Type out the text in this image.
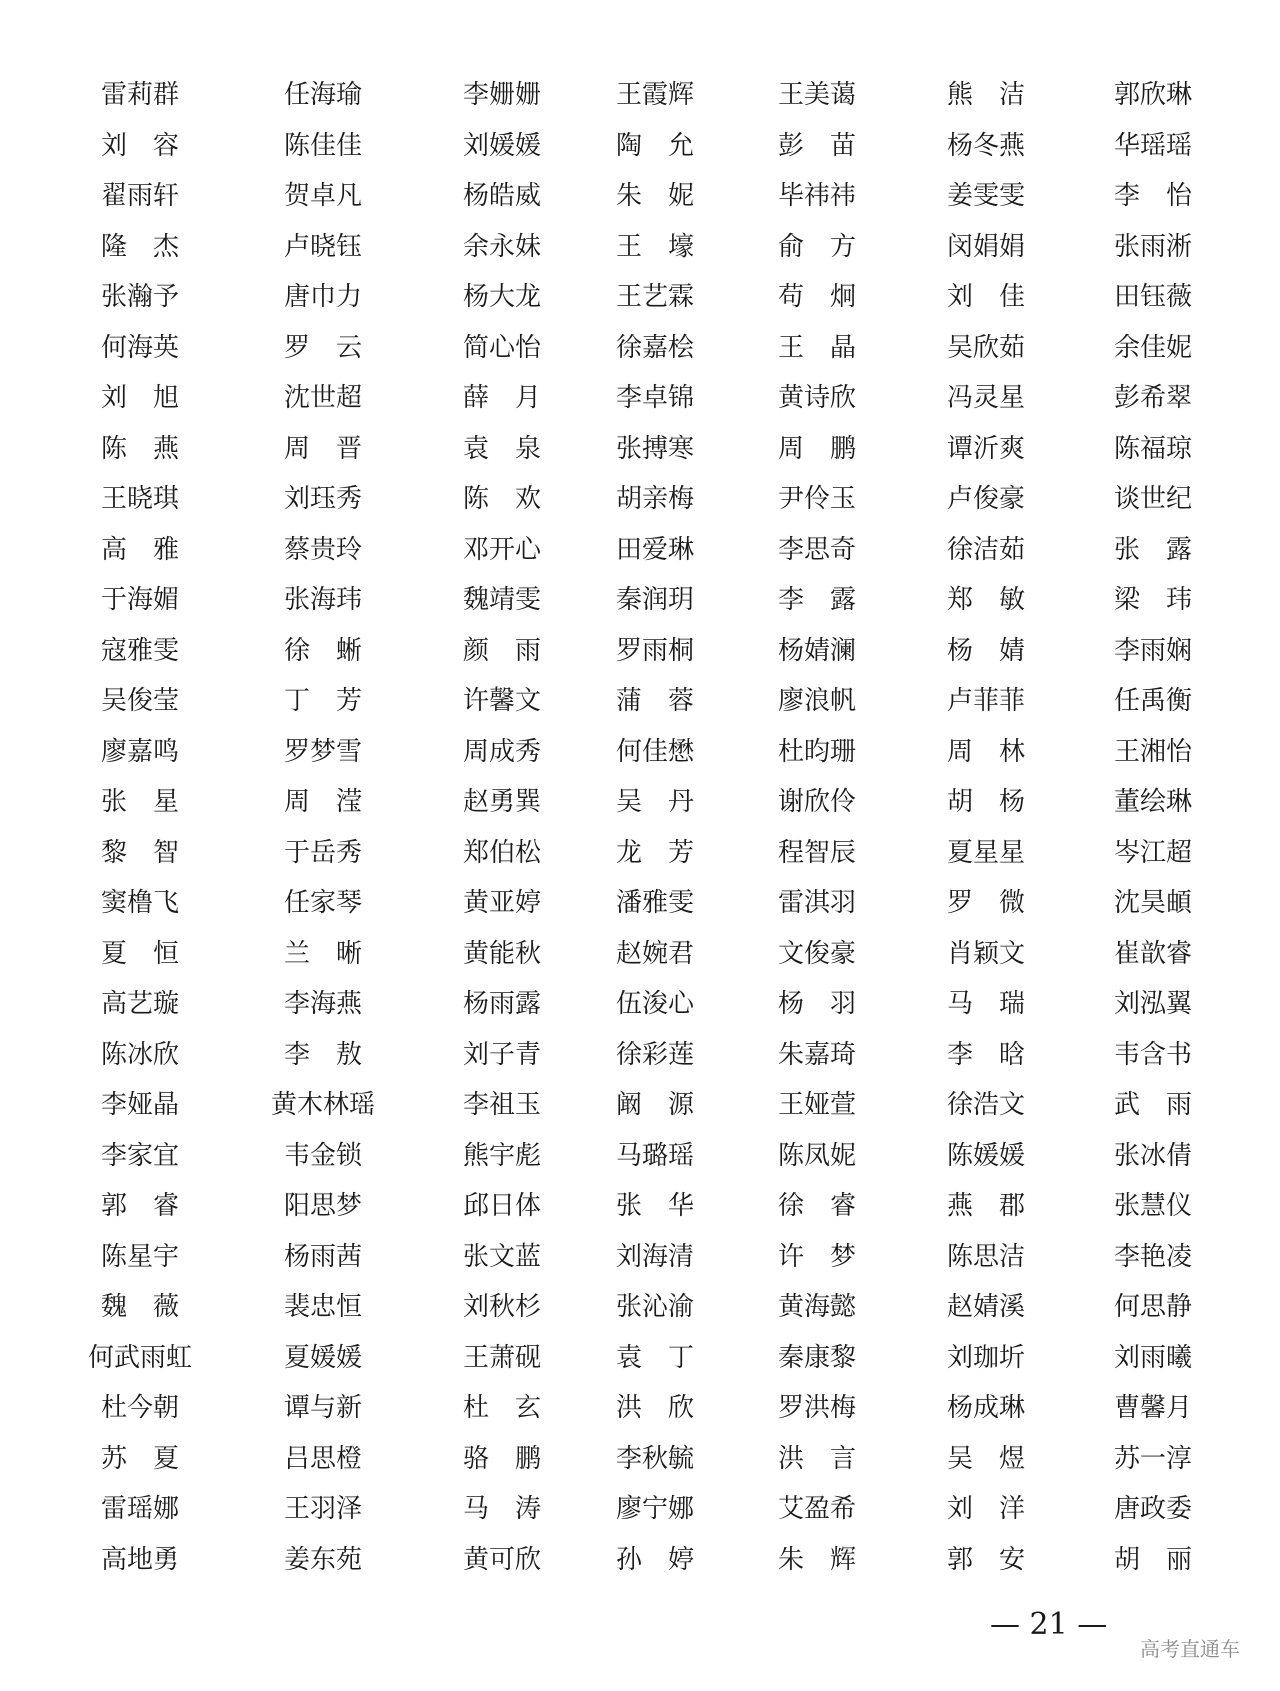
雷莉群	任海瑜	李姗姗	王霞辉	王美蔼	熊　洁	郭欣琳
刘　容	陈佳佳	刘媛媛	陶　允	彭　苗	杨冬燕	华瑶瑶
翟雨轩	贺卓凡	杨皓威	朱　妮	毕祎祎	姜雯雯	李　怡
隆　杰	卢晓钰	余永妹	王　壕	俞　方	闵娟娟	张雨淅
张瀚予	唐巾力	杨大龙	王艺霖	苟　炯	刘　佳	田钰薇
何海英	罗　云	简心怡	徐嘉桧	王　晶	吴欣茹	余佳妮
刘　旭	沈世超	薛　月	李卓锦	黄诗欣	冯灵星	彭希翠
陈　燕	周　晋	袁　泉	张搏寒	周　鹏	谭沂爽	陈福琼
王晓琪	刘珏秀	陈　欢	胡亲梅	尹伶玉	卢俊豪	谈世纪
高　雅	蔡贵玲	邓开心	田爱琳	李思奇	徐洁茹	张　露
于海媚	张海玮	魏靖雯	秦润玥	李　露	郑　敏	梁　玮
寇雅雯	徐　蜥	颜　雨	罗雨桐	杨婧澜	杨　婧	李雨娴
吴俊莹	丁　芳	许馨文	蒲　蓉	廖浪帆	卢菲菲	任禹衡
廖嘉鸣	罗梦雪	周成秀	何佳懋	杜昀珊	周　林	王湘怡
张　星	周　滢	赵勇巽	吴　丹	谢欣伶	胡　杨	董绘琳
黎　智	于岳秀	郑伯松	龙　芳	程智辰	夏星星	岑江超
窦橹飞	任家琴	黄亚婷	潘雅雯	雷淇羽	罗　微	沈昊頔
夏　恒	兰　晰	黄能秋	赵婉君	文俊豪	肖颖文	崔歆睿
高艺璇	李海燕	杨雨露	伍浚心	杨　羽	马　瑞	刘泓翼
陈冰欣	李　敖	刘子青	徐彩莲	朱嘉琦	李　晗	韦含书
李娅晶	黄木林瑶	李祖玉	阚　源	王娅萱	徐浩文	武　雨
李家宜	韦金锁	熊宇彪	马璐瑶	陈凤妮	陈媛媛	张冰倩
郭　睿	阳思梦	邱日体	张　华	徐　睿	燕　郡	张慧仪
陈星宇	杨雨茜	张文蓝	刘海清	许　梦	陈思洁	李艳凌
魏　薇	裴忠恒	刘秋杉	张沁渝	黄海懿	赵婧溪	何思静
何武雨虹	夏媛媛	王萧砚	袁　丁	秦康黎	刘珈圻	刘雨曦
杜今朝	谭与新	杜　玄	洪　欣	罗洪梅	杨成琳	曹馨月
苏　夏	吕思橙	骆　鹏	李秋毓	洪　言	吴　煜	苏一淳
雷瑶娜	王羽泽	马　涛	廖宁娜	艾盈希	刘　洋	唐政委
高地勇	姜东苑	黄可欣	孙　婷	朱　辉	郭　安	胡　丽
— 21 —
高考直通车
